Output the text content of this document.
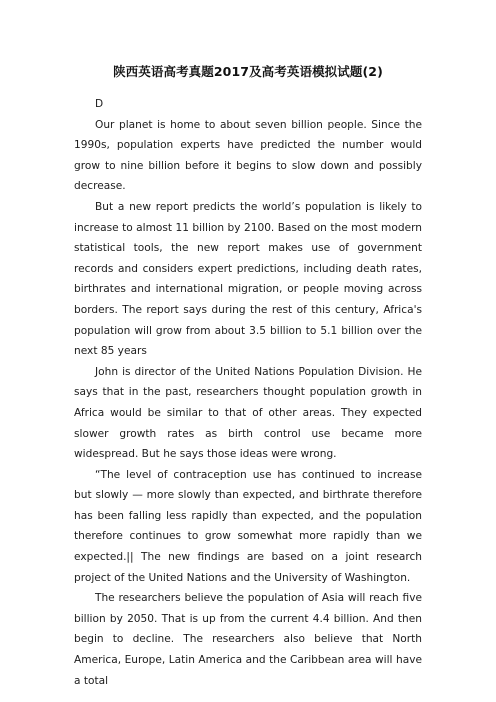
陕西英语高考真题2017及高考英语模拟试题(2)

D

Our planet is home to about seven billion people. Since the 1990s, population experts have predicted the number would grow to nine billion before it begins to slow down and possibly decrease.

But a new report predicts the world’s population is likely to increase to almost 11 billion by 2100. Based on the most modern statistical tools, the new report makes use of government records and considers expert predictions, including death rates, birthrates and international migration, or people moving across borders. The report says during the rest of this century, Africa's population will grow from about 3.5 billion to 5.1 billion over the next 85 years

John is director of the United Nations Population Division. He says that in the past, researchers thought population growth in Africa would be similar to that of other areas. They expected slower growth rates as birth control use became more widespread. But he says those ideas were wrong.

“The level of contraception use has continued to increase but slowly — more slowly than expected, and birthrate therefore has been falling less rapidly than expected, and the population therefore continues to grow somewhat more rapidly than we expected.|| The new findings are based on a joint research project of the United Nations and the University of Washington.

The researchers believe the population of Asia will reach five billion by 2050. That is up from the current 4.4 billion. And then begin to decline. The researchers also believe that North America, Europe, Latin America and the Caribbean area will have a total
